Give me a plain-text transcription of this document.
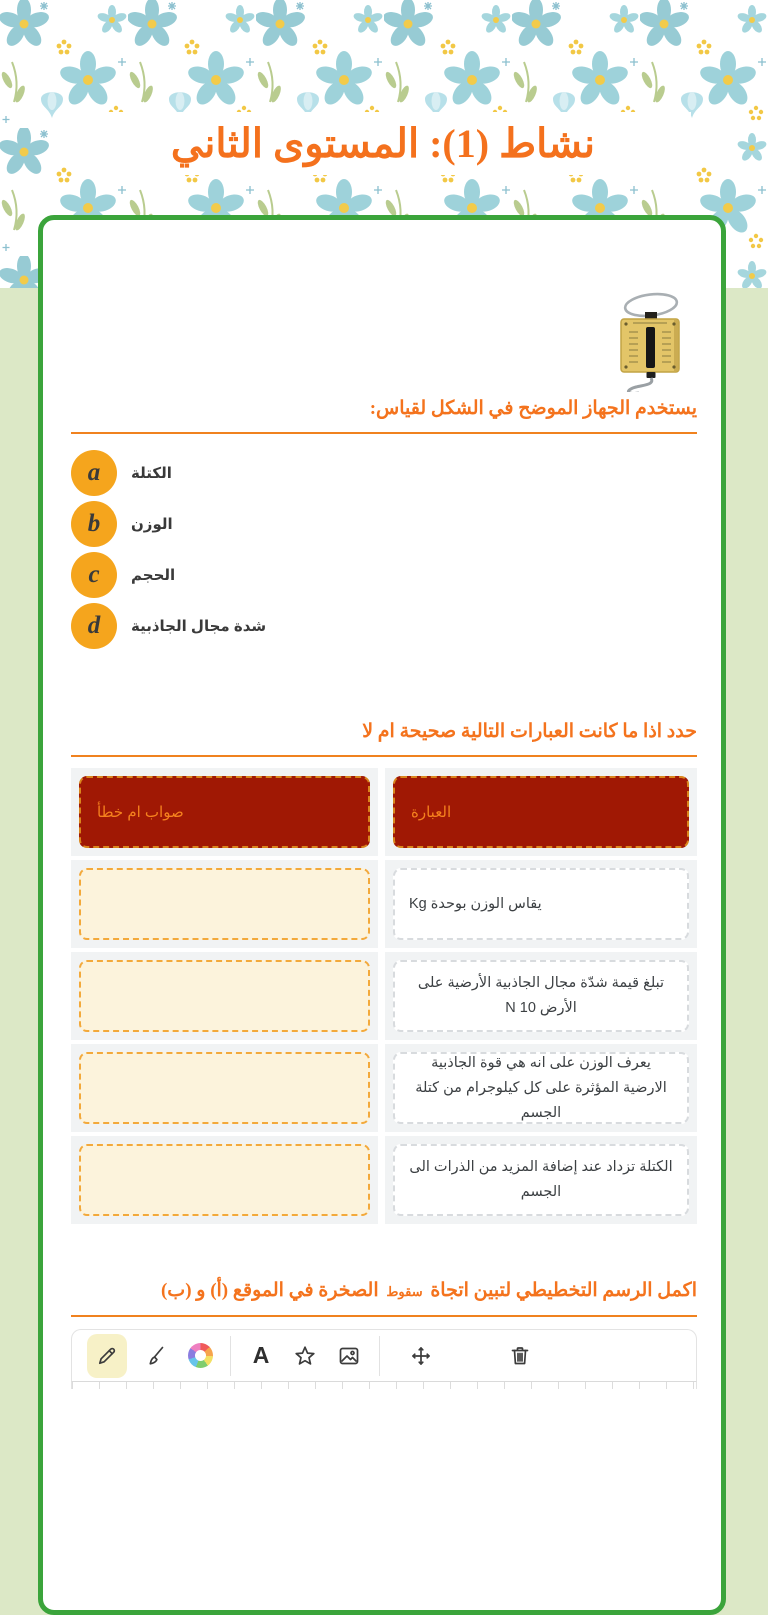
نشاط (1): المستوى الثاني
يستخدم الجهاز الموضح في الشكل لقياس:
a الكتلة
b الوزن
c الحجم
d شدة مجال الجاذبية
حدد اذا ما كانت العبارات التالية صحيحة ام لا
صواب ام خطأ	العبارة
يقاس الوزن بوحدة Kg
تبلغ قيمة شدّة مجال الجاذبية الأرضية على الأرض N 10
يعرف الوزن على انه هي قوة الجاذبية الارضية المؤثرة على كل كيلوجرام من كتلة الجسم
الكتلة تزداد عند إضافة المزيد من الذرات الى الجسم
اكمل الرسم التخطيطي لتبين اتجاة سقوط الصخرة في الموقع (أ) و (ب)
A
